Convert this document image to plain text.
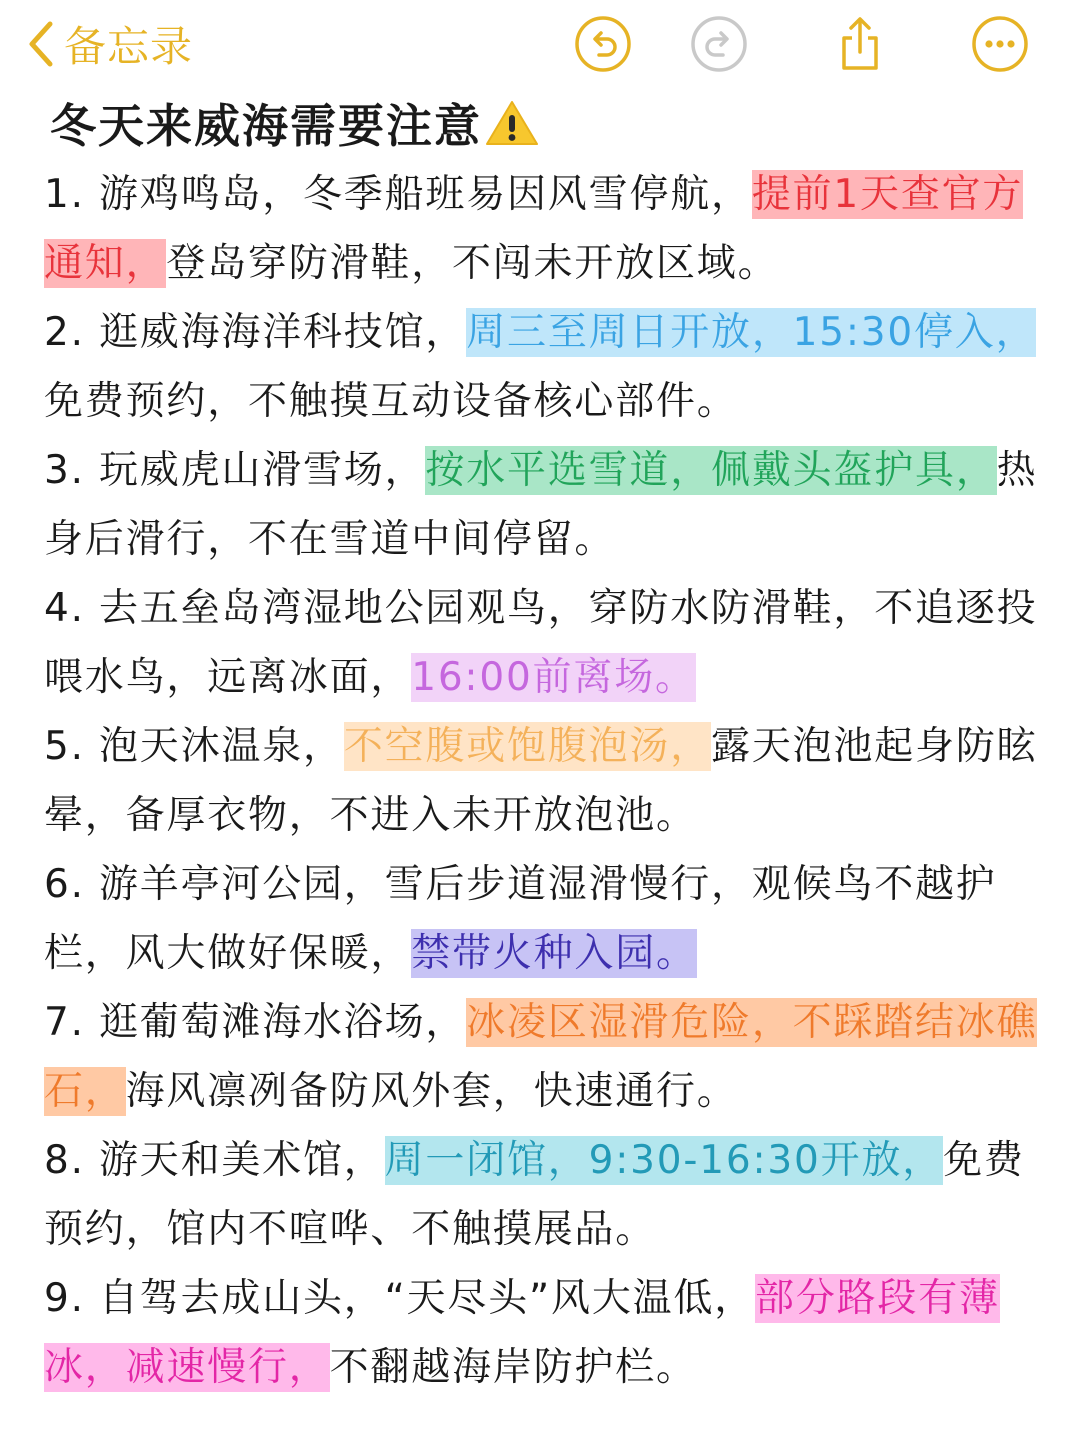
备忘录
冬天来威海需要注意

1. 游鸡鸣岛，冬季船班易因风雪停航，提前1天查官方通知，登岛穿防滑鞋，不闯未开放区域。

2. 逛威海海洋科技馆，周三至周日开放，15:30停入，免费预约，不触摸互动设备核心部件。

3. 玩威虎山滑雪场，按水平选雪道，佩戴头盔护具，热身后滑行，不在雪道中间停留。

4. 去五垒岛湾湿地公园观鸟，穿防水防滑鞋，不追逐投喂水鸟，远离冰面，16:00前离场。

5. 泡天沐温泉，不空腹或饱腹泡汤，露天泡池起身防眩晕，备厚衣物，不进入未开放泡池。

6. 游羊亭河公园，雪后步道湿滑慢行，观候鸟不越护栏，风大做好保暖，禁带火种入园。

7. 逛葡萄滩海水浴场，冰凌区湿滑危险，不踩踏结冰礁石，海风凛冽备防风外套，快速通行。

8. 游天和美术馆，周一闭馆，9:30-16:30开放，免费预约，馆内不喧哗、不触摸展品。

9. 自驾去成山头，“天尽头”风大温低，部分路段有薄冰，减速慢行，不翻越海岸防护栏。
